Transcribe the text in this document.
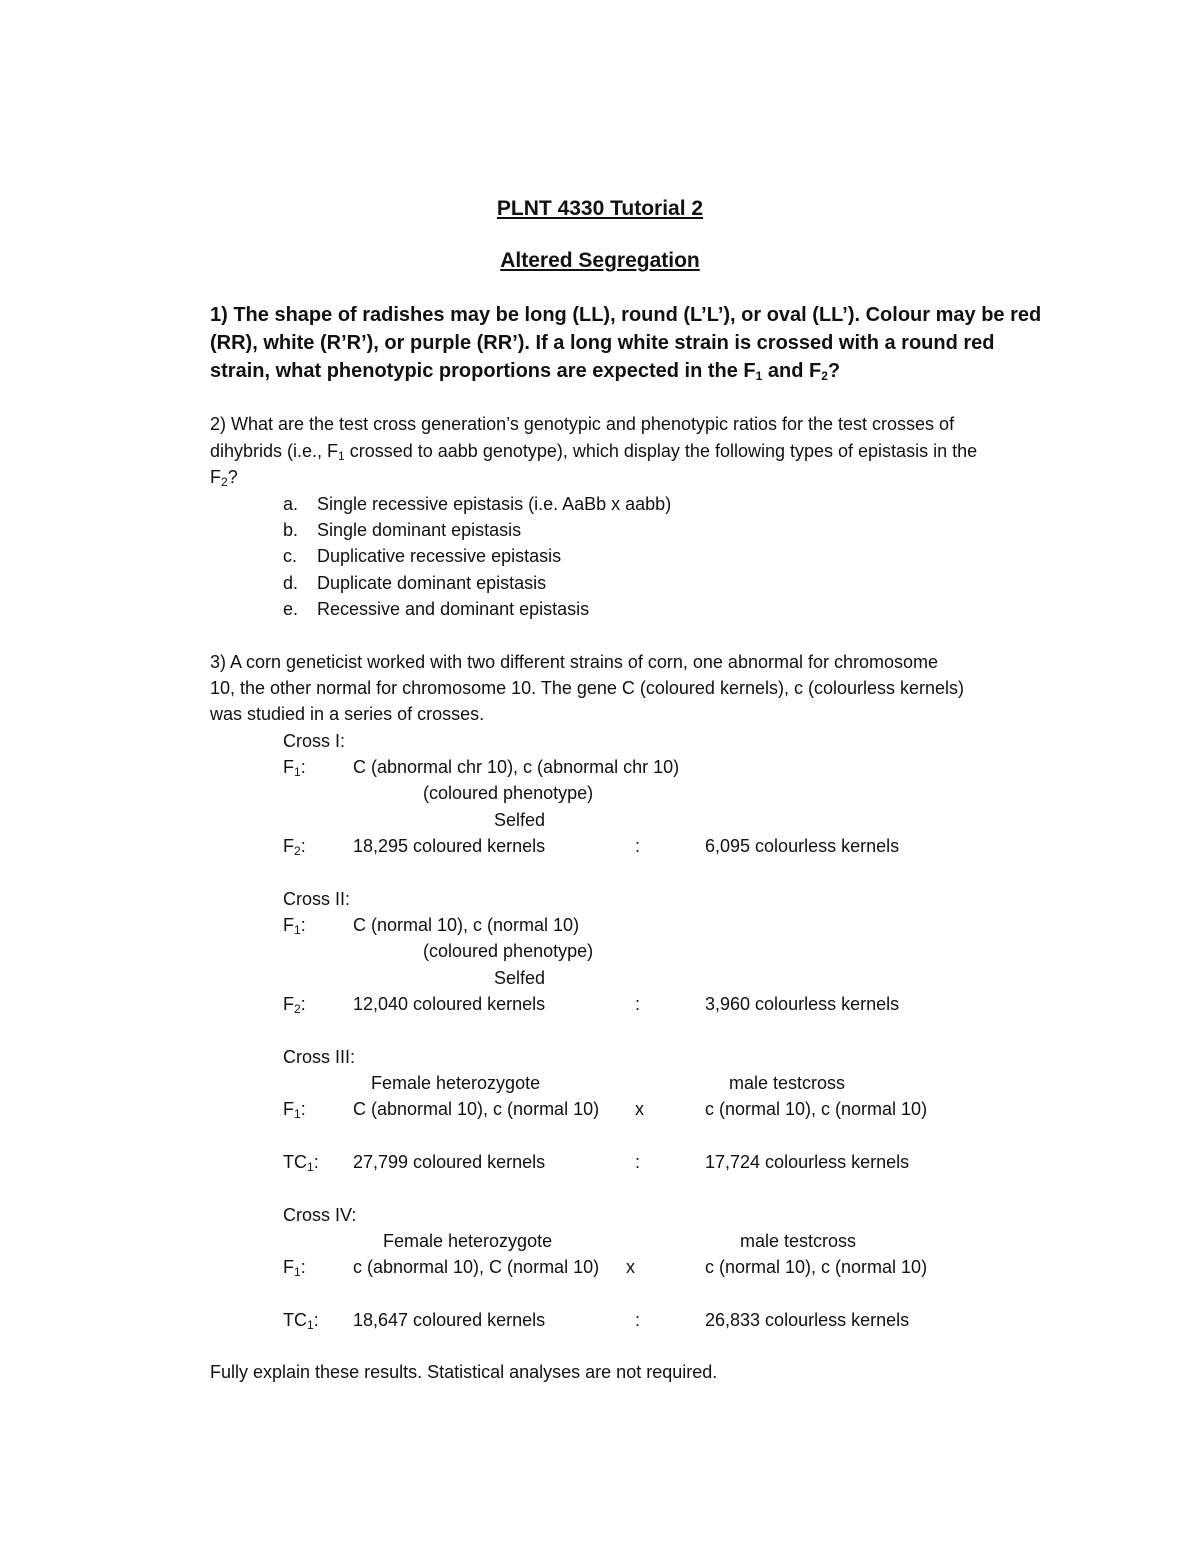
PLNT 4330 Tutorial 2
Altered Segregation
1) The shape of radishes may be long (LL), round (L’L’), or oval (LL’). Colour may be red
(RR), white (R’R’), or purple (RR’). If a long white strain is crossed with a round red
strain, what phenotypic proportions are expected in the $F_1$ and $F_2$?
2) What are the test cross generation’s genotypic and phenotypic ratios for the test crosses of
dihybrids (i.e., $F_1$ crossed to aabb genotype), which display the following types of epistasis in the
$F_2$?
a. Single recessive epistasis (i.e. AaBb x aabb)
b. Single dominant epistasis
c. Duplicative recessive epistasis
d. Duplicate dominant epistasis
e. Recessive and dominant epistasis
3) A corn geneticist worked with two different strains of corn, one abnormal for chromosome
10, the other normal for chromosome 10. The gene C (coloured kernels), c (colourless kernels)
was studied in a series of crosses.
Cross I:
$F_1$:	C (abnormal chr 10), c (abnormal chr 10)
(coloured phenotype)
Selfed
$F_2$:	18,295 coloured kernels	:	6,095 colourless kernels
Cross II:
$F_1$:	C (normal 10), c (normal 10)
(coloured phenotype)
Selfed
$F_2$:	12,040 coloured kernels	:	3,960 colourless kernels
Cross III:
Female heterozygote	male testcross
$F_1$:	C (abnormal 10), c (normal 10) x	c (normal 10), c (normal 10)
$TC_1$: 27,799 coloured kernels	:	17,724 colourless kernels
Cross IV:
Female heterozygote	male testcross
$F_1$:	c (abnormal 10), C (normal 10) x	c (normal 10), c (normal 10)
$TC_1$: 18,647 coloured kernels	:	26,833 colourless kernels
Fully explain these results. Statistical analyses are not required.
